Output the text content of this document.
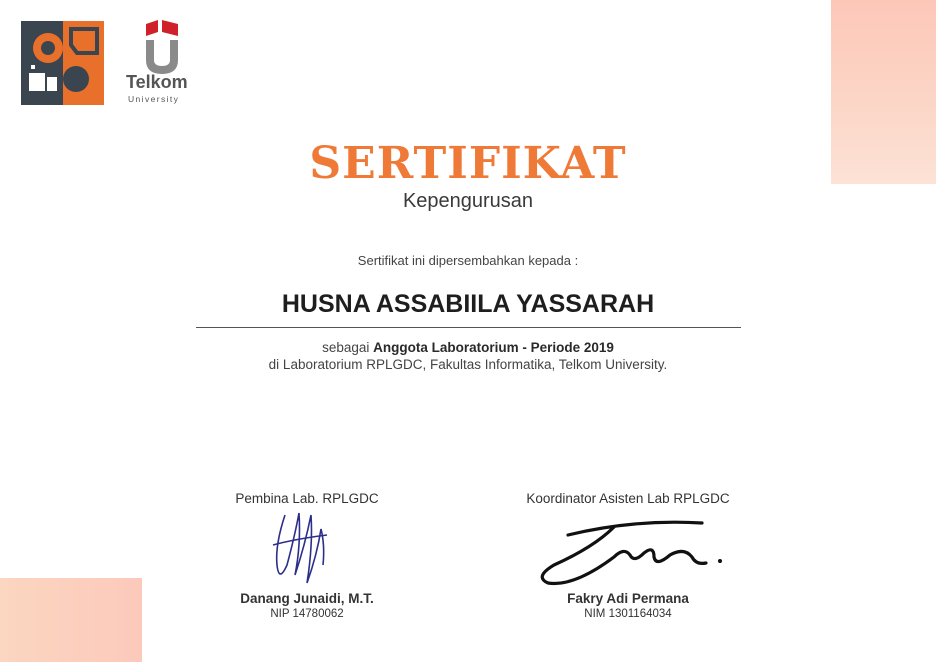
Telkom
University
SERTIFIKAT
Kepengurusan
Sertifikat ini dipersembahkan kepada :
HUSNA ASSABIILA YASSARAH
sebagai Anggota Laboratorium - Periode 2019
di Laboratorium RPLGDC, Fakultas Informatika, Telkom University.
Pembina Lab. RPLGDC
Danang Junaidi, M.T.
NIP 14780062
Koordinator Asisten Lab RPLGDC
Fakry Adi Permana
NIM 1301164034
